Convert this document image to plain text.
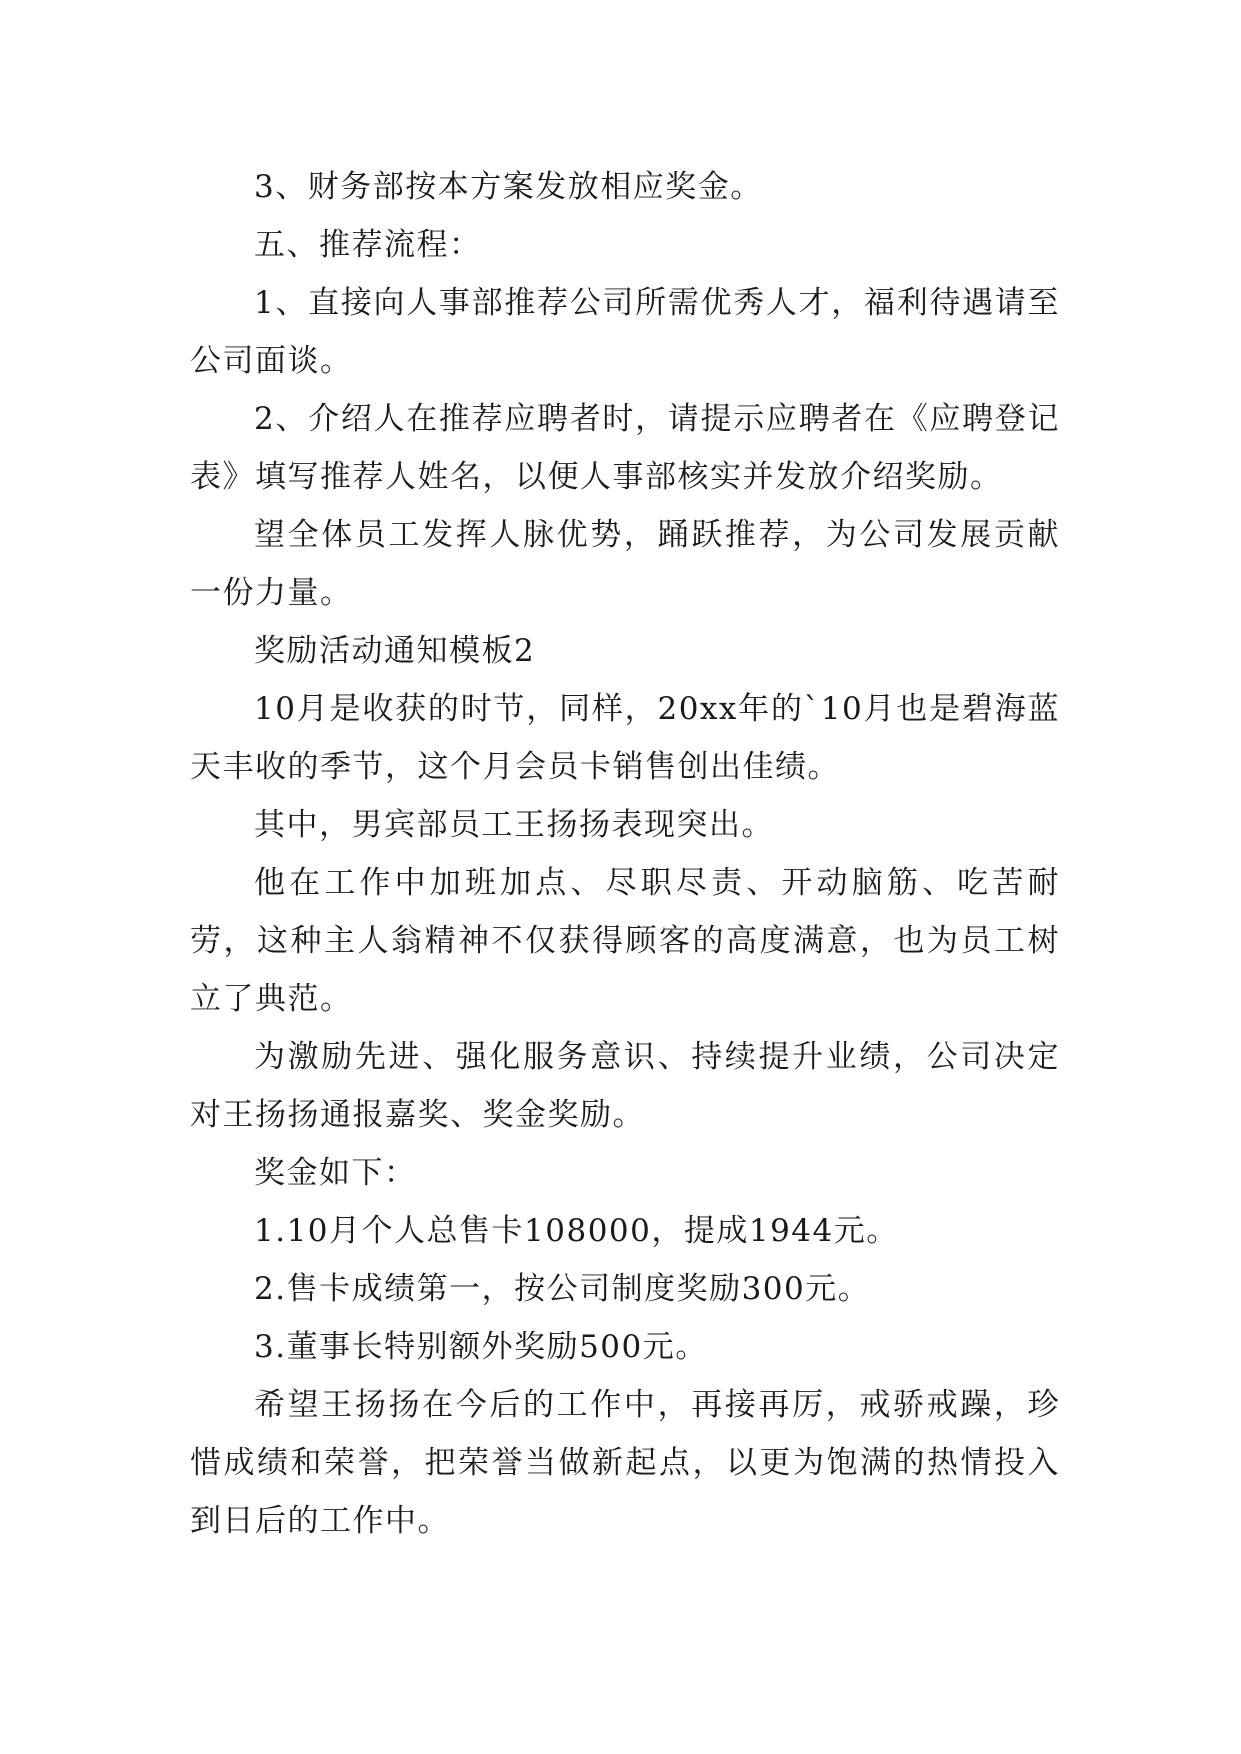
3、财务部按本方案发放相应奖金。

五、推荐流程：

1、直接向人事部推荐公司所需优秀人才，福利待遇请至公司面谈。

2、介绍人在推荐应聘者时，请提示应聘者在《应聘登记表》填写推荐人姓名，以便人事部核实并发放介绍奖励。

望全体员工发挥人脉优势，踊跃推荐，为公司发展贡献一份力量。

奖励活动通知模板2

10月是收获的时节，同样，20xx年的`10月也是碧海蓝天丰收的季节，这个月会员卡销售创出佳绩。

其中，男宾部员工王扬扬表现突出。

他在工作中加班加点、尽职尽责、开动脑筋、吃苦耐劳，这种主人翁精神不仅获得顾客的高度满意，也为员工树立了典范。

为激励先进、强化服务意识、持续提升业绩，公司决定对王扬扬通报嘉奖、奖金奖励。

奖金如下：

1.10月个人总售卡108000，提成1944元。

2.售卡成绩第一，按公司制度奖励300元。

3.董事长特别额外奖励500元。

希望王扬扬在今后的工作中，再接再厉，戒骄戒躁，珍惜成绩和荣誉，把荣誉当做新起点，以更为饱满的热情投入到日后的工作中。
